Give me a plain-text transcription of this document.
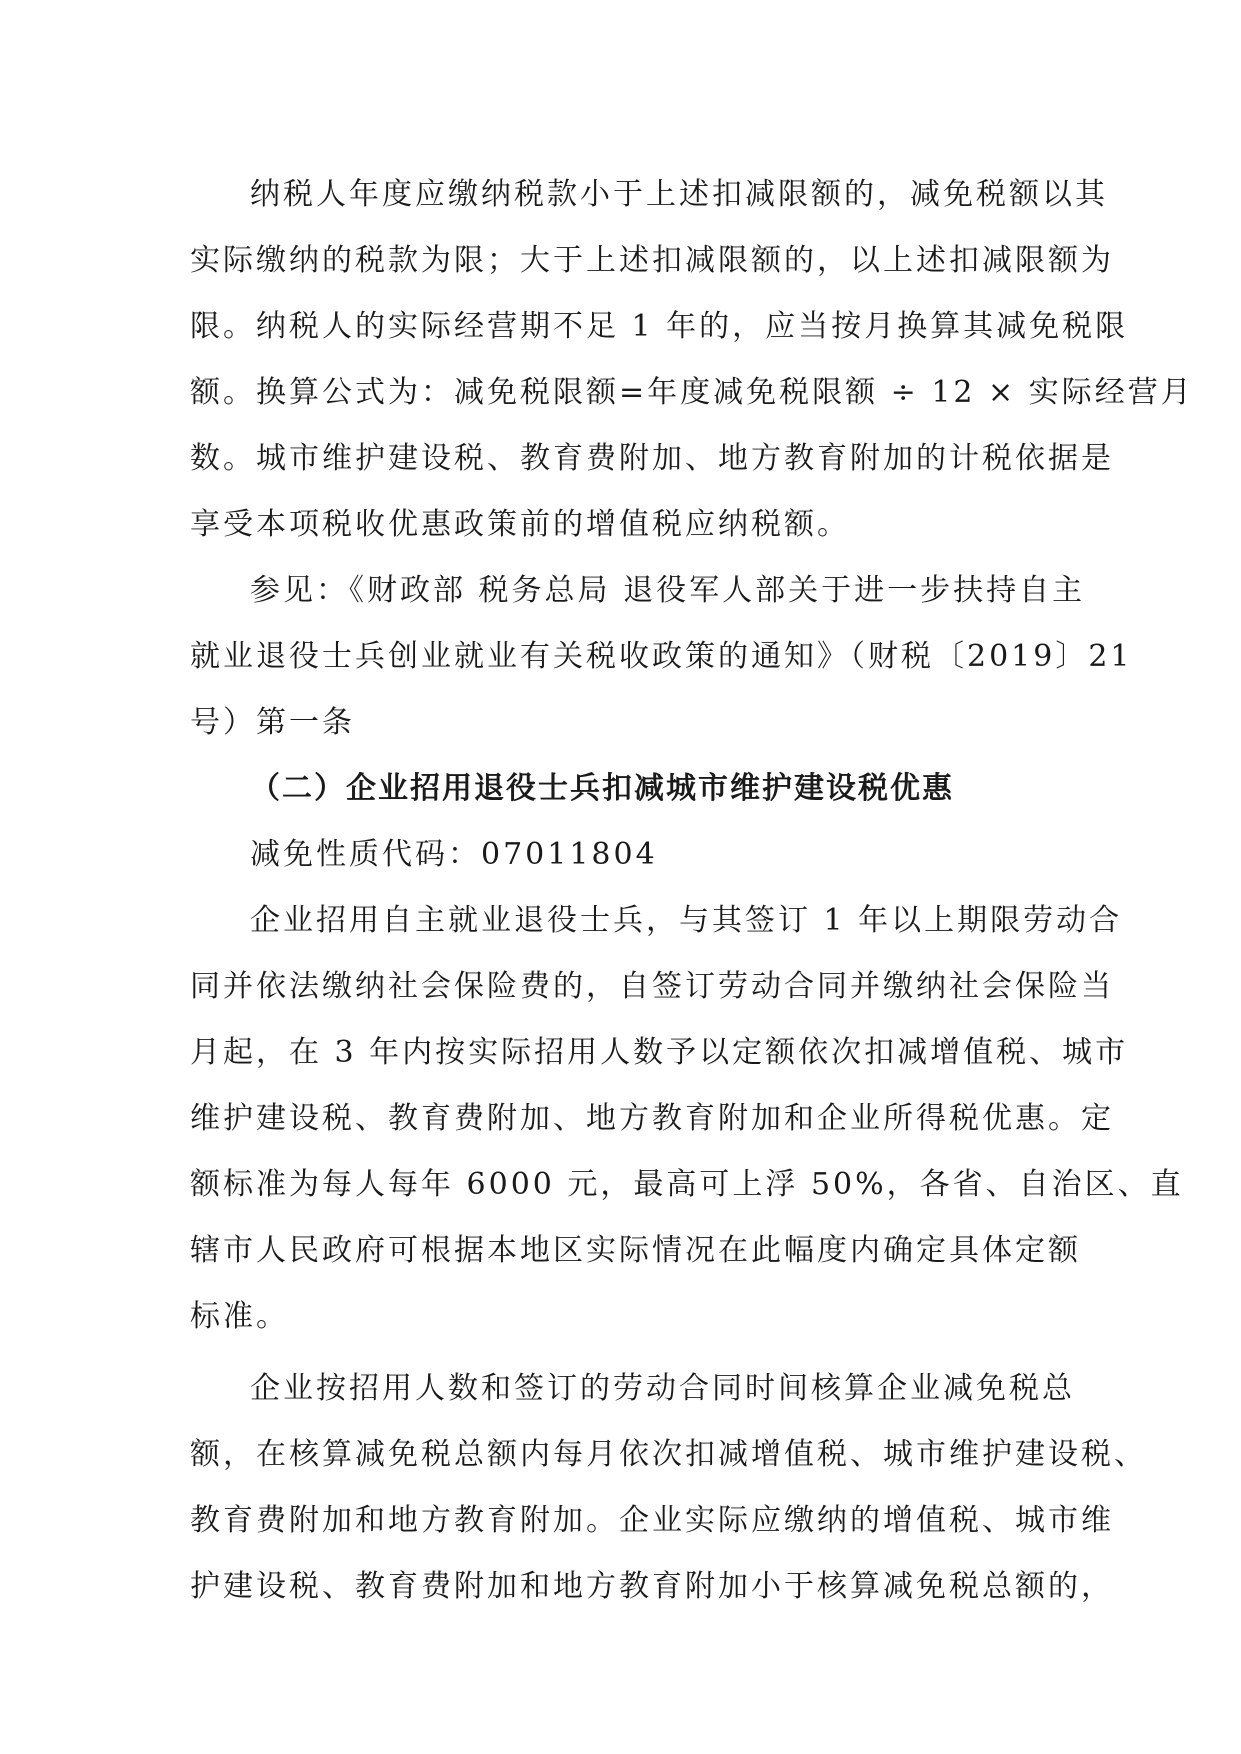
纳税人年度应缴纳税款小于上述扣减限额的，减免税额以其
实际缴纳的税款为限；大于上述扣减限额的，以上述扣减限额为
限。纳税人的实际经营期不足 1 年的，应当按月换算其减免税限
额。换算公式为：减免税限额=年度减免税限额 ÷ 12 × 实际经营月
数。城市维护建设税、教育费附加、地方教育附加的计税依据是
享受本项税收优惠政策前的增值税应纳税额。
参见：《财政部 税务总局 退役军人部关于进一步扶持自主
就业退役士兵创业就业有关税收政策的通知》（财税〔2019〕21
号）第一条
（二）企业招用退役士兵扣减城市维护建设税优惠
减免性质代码：07011804
企业招用自主就业退役士兵，与其签订 1 年以上期限劳动合
同并依法缴纳社会保险费的，自签订劳动合同并缴纳社会保险当
月起，在 3 年内按实际招用人数予以定额依次扣减增值税、城市
维护建设税、教育费附加、地方教育附加和企业所得税优惠。定
额标准为每人每年 6000 元，最高可上浮 50%，各省、自治区、直
辖市人民政府可根据本地区实际情况在此幅度内确定具体定额
标准。
企业按招用人数和签订的劳动合同时间核算企业减免税总
额，在核算减免税总额内每月依次扣减增值税、城市维护建设税、
教育费附加和地方教育附加。企业实际应缴纳的增值税、城市维
护建设税、教育费附加和地方教育附加小于核算减免税总额的，
